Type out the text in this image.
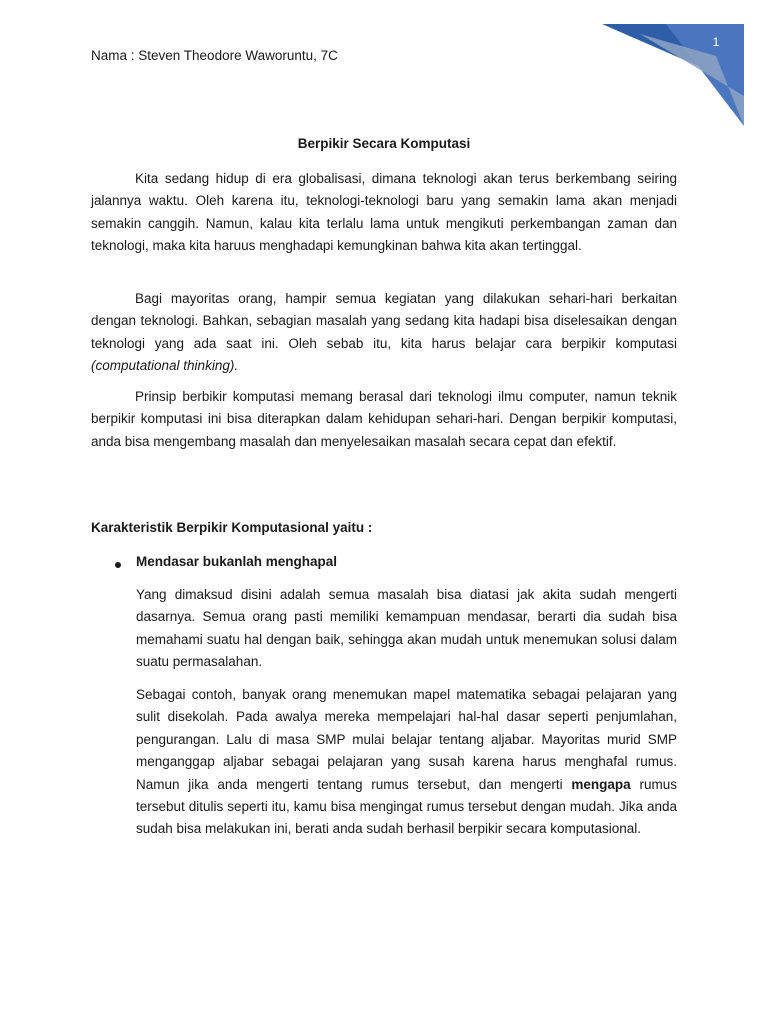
1
Nama : Steven Theodore Waworuntu, 7C
Berpikir Secara Komputasi

Kita sedang hidup di era globalisasi, dimana teknologi akan terus berkembang seiring jalannya waktu. Oleh karena itu, teknologi-teknologi baru yang semakin lama akan menjadi semakin canggih. Namun, kalau kita terlalu lama untuk mengikuti perkembangan zaman dan teknologi, maka kita haruus menghadapi kemungkinan bahwa kita akan tertinggal.

Bagi mayoritas orang, hampir semua kegiatan yang dilakukan sehari-hari berkaitan dengan teknologi. Bahkan, sebagian masalah yang sedang kita hadapi bisa diselesaikan dengan teknologi yang ada saat ini. Oleh sebab itu, kita harus belajar cara berpikir komputasi (computational thinking).

Prinsip berbikir komputasi memang berasal dari teknologi ilmu computer, namun teknik berpikir komputasi ini bisa diterapkan dalam kehidupan sehari-hari. Dengan berpikir komputasi, anda bisa mengembang masalah dan menyelesaikan masalah secara cepat dan efektif.

Karakteristik Berpikir Komputasional yaitu :
Mendasar bukanlah menghapal

Yang dimaksud disini adalah semua masalah bisa diatasi jak akita sudah mengerti dasarnya. Semua orang pasti memiliki kemampuan mendasar, berarti dia sudah bisa memahami suatu hal dengan baik, sehingga akan mudah untuk menemukan solusi dalam suatu permasalahan.

Sebagai contoh, banyak orang menemukan mapel matematika sebagai pelajaran yang sulit disekolah. Pada awalya mereka mempelajari hal-hal dasar seperti penjumlahan, pengurangan. Lalu di masa SMP mulai belajar tentang aljabar. Mayoritas murid SMP menganggap aljabar sebagai pelajaran yang susah karena harus menghafal rumus. Namun jika anda mengerti tentang rumus tersebut, dan mengerti mengapa rumus tersebut ditulis seperti itu, kamu bisa mengingat rumus tersebut dengan mudah. Jika anda sudah bisa melakukan ini, berati anda sudah berhasil berpikir secara komputasional.
